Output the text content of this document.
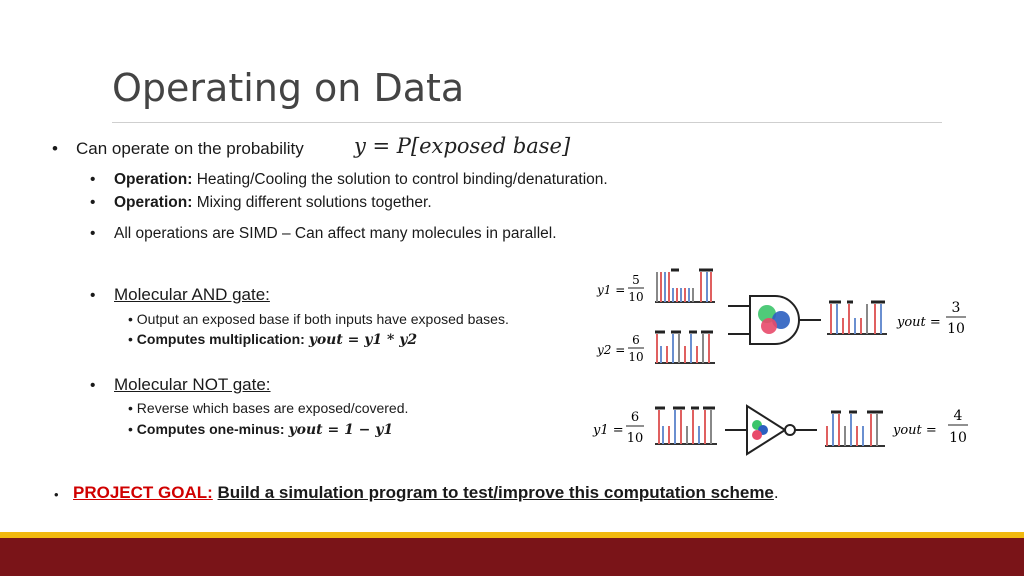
Operating on Data
• Can operate on the probability y = P[exposed base]
• Operation: Heating/Cooling the solution to control binding/denaturation.
• Operation: Mixing different solutions together.
• All operations are SIMD – Can affect many molecules in parallel.
• Molecular AND gate:
• Output an exposed base if both inputs have exposed bases.
• Computes multiplication: yout = y1 * y2
• Molecular NOT gate:
• Reverse which bases are exposed/covered.
• Computes one-minus: yout = 1 − y1
• PROJECT GOAL: Build a simulation program to test/improve this computation scheme.
y1 =
5
10
y2 =
6
10
yout =
3
10
y1 =
6
10
yout =
4
10
